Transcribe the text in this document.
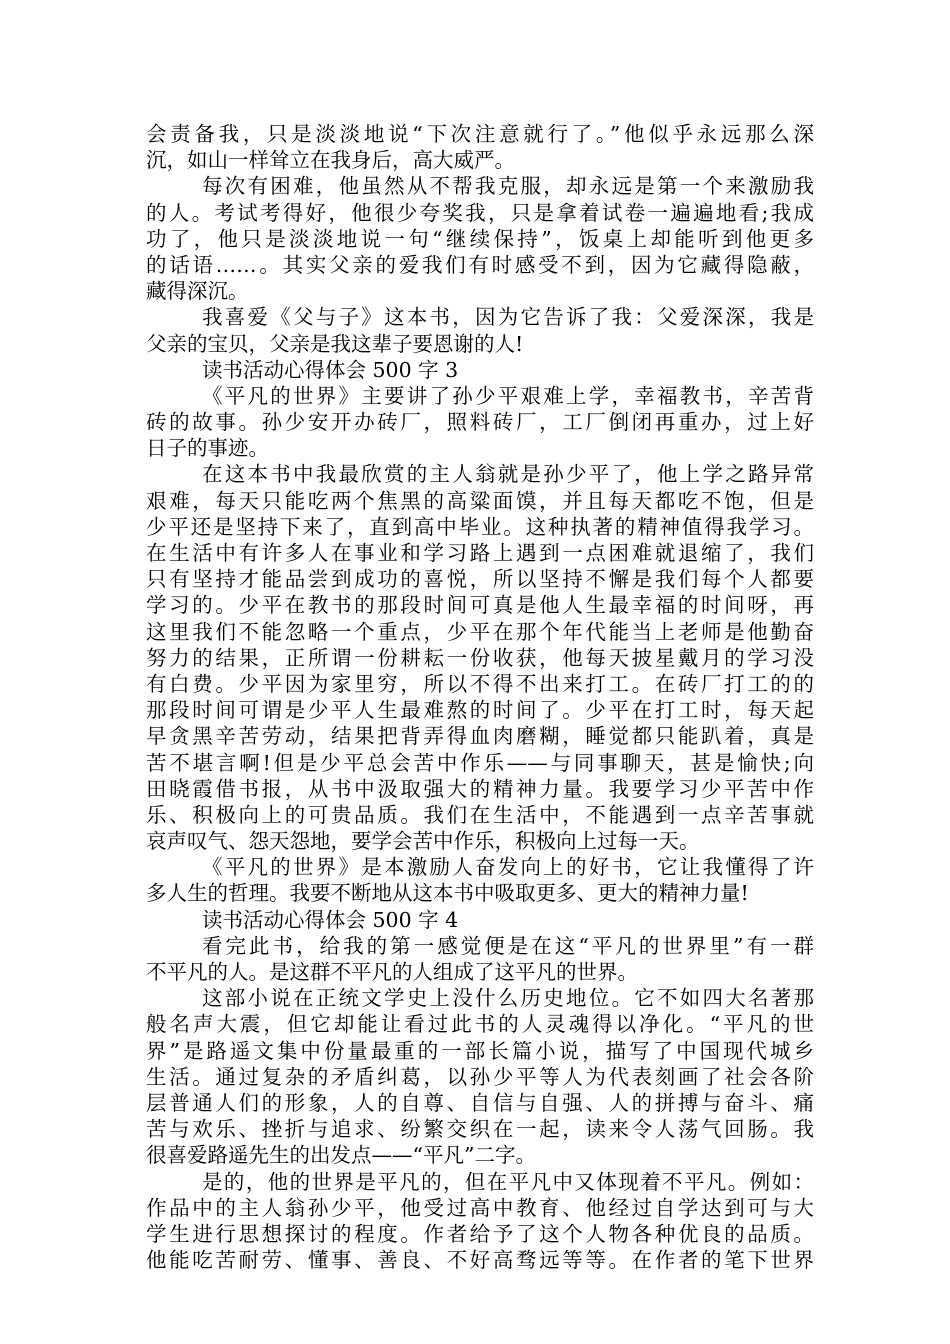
会责备我，只是淡淡地说“下次注意就行了。”他似乎永远那么深
沉，如山一样耸立在我身后，高大威严。
每次有困难，他虽然从不帮我克服，却永远是第一个来激励我
的人。考试考得好，他很少夸奖我，只是拿着试卷一遍遍地看;我成
功了，他只是淡淡地说一句“继续保持”，饭桌上却能听到他更多
的话语……。其实父亲的爱我们有时感受不到，因为它藏得隐蔽，
藏得深沉。
我喜爱《父与子》这本书，因为它告诉了我：父爱深深，我是
父亲的宝贝，父亲是我这辈子要恩谢的人!
读书活动心得体会 500 字 3
《平凡的世界》主要讲了孙少平艰难上学，幸福教书，辛苦背
砖的故事。孙少安开办砖厂，照料砖厂，工厂倒闭再重办，过上好
日子的事迹。
在这本书中我最欣赏的主人翁就是孙少平了，他上学之路异常
艰难，每天只能吃两个焦黑的高粱面馍，并且每天都吃不饱，但是
少平还是坚持下来了，直到高中毕业。这种执著的精神值得我学习。
在生活中有许多人在事业和学习路上遇到一点困难就退缩了，我们
只有坚持才能品尝到成功的喜悦，所以坚持不懈是我们每个人都要
学习的。少平在教书的那段时间可真是他人生最幸福的时间呀，再
这里我们不能忽略一个重点，少平在那个年代能当上老师是他勤奋
努力的结果，正所谓一份耕耘一份收获，他每天披星戴月的学习没
有白费。少平因为家里穷，所以不得不出来打工。在砖厂打工的的
那段时间可谓是少平人生最难熬的时间了。少平在打工时，每天起
早贪黑辛苦劳动，结果把背弄得血肉磨糊，睡觉都只能趴着，真是
苦不堪言啊!但是少平总会苦中作乐——与同事聊天，甚是愉快;向
田晓霞借书报，从书中汲取强大的精神力量。我要学习少平苦中作
乐、积极向上的可贵品质。我们在生活中，不能遇到一点辛苦事就
哀声叹气、怨天怨地，要学会苦中作乐，积极向上过每一天。
《平凡的世界》是本激励人奋发向上的好书，它让我懂得了许
多人生的哲理。我要不断地从这本书中吸取更多、更大的精神力量!
读书活动心得体会 500 字 4
看完此书，给我的第一感觉便是在这“平凡的世界里”有一群
不平凡的人。是这群不平凡的人组成了这平凡的世界。
这部小说在正统文学史上没什么历史地位。它不如四大名著那
般名声大震，但它却能让看过此书的人灵魂得以净化。“平凡的世
界”是路遥文集中份量最重的一部长篇小说，描写了中国现代城乡
生活。通过复杂的矛盾纠葛，以孙少平等人为代表刻画了社会各阶
层普通人们的形象，人的自尊、自信与自强、人的拼搏与奋斗、痛
苦与欢乐、挫折与追求、纷繁交织在一起，读来令人荡气回肠。我
很喜爱路遥先生的出发点——“平凡”二字。
是的，他的世界是平凡的，但在平凡中又体现着不平凡。例如：
作品中的主人翁孙少平，他受过高中教育、他经过自学达到可与大
学生进行思想探讨的程度。作者给予了这个人物各种优良的品质。
他能吃苦耐劳、懂事、善良、不好高骛远等等。在作者的笔下世界
